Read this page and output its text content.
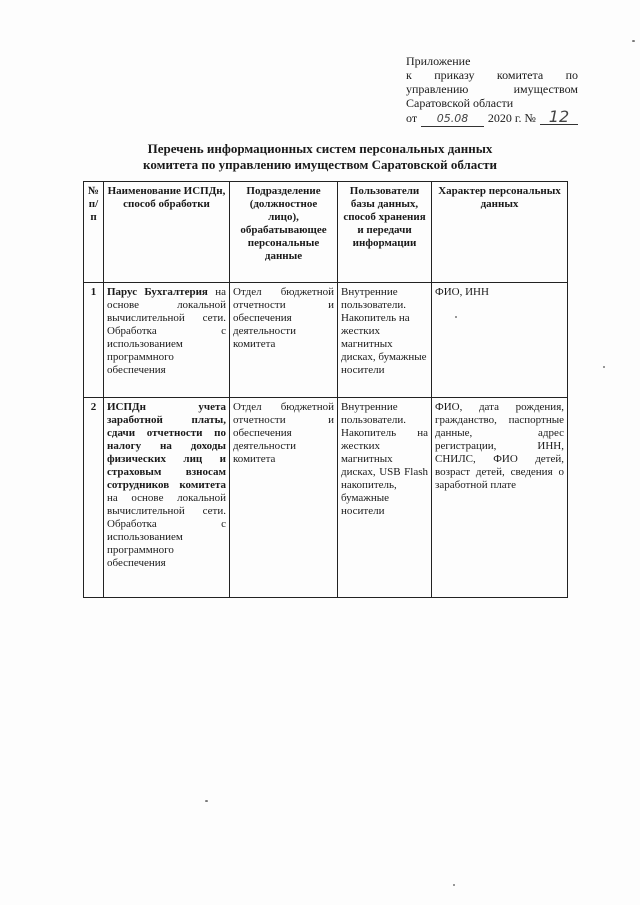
Приложение
к приказу комитета по
управлению	имуществом
Саратовской области
от	05.08	2020 г. № 12
Перечень информационных систем персональных данных
комитета по управлению имуществом Саратовской области
№ п/п	Наименование ИСПДн, способ обработки	Подразделение (должностное лицо), обрабатывающее персональные данные	Пользователи базы данных, способ хранения и передачи информации	Характер персональных данных
1	Парус Бухгалтерия на основе локальной вычислительной сети. Обработка с использованием программного обеспечения	Отдел бюджетной отчетности и обеспечения деятельности комитета	Внутренние пользователи. Накопитель на жестких магнитных дисках, бумажные носители	ФИО, ИНН
2	ИСПДн учета заработной платы, сдачи отчетности по налогу на доходы физических лиц и страховым взносам сотрудников комитета на основе локальной вычислительной сети. Обработка с использованием программного обеспечения	Отдел бюджетной отчетности и обеспечения деятельности комитета	Внутренние пользователи. Накопитель на жестких магнитных дисках, USB Flash накопитель, бумажные носители	ФИО, дата рождения, гражданство, паспортные данные, адрес регистрации, ИНН, СНИЛС, ФИО детей, возраст детей, сведения о заработной плате
